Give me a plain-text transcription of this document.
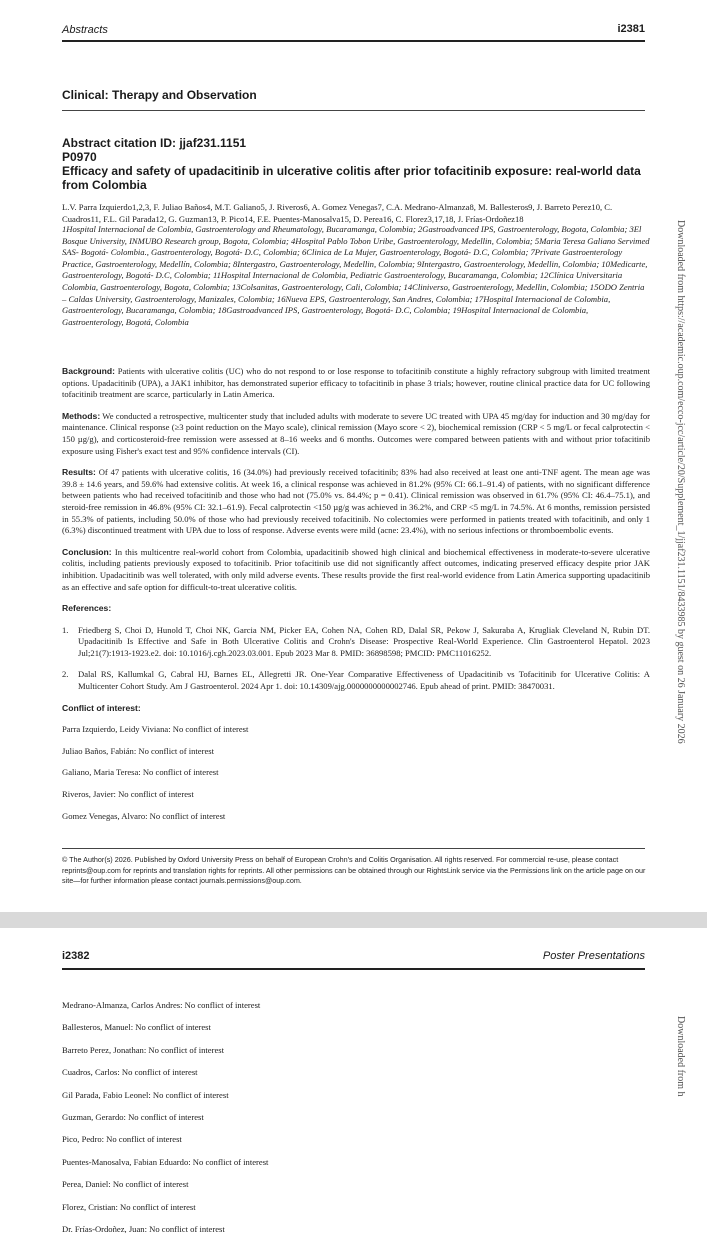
Abstracts	i2381
Clinical: Therapy and Observation
Abstract citation ID: jjaf231.1151
P0970
Efficacy and safety of upadacitinib in ulcerative colitis after prior tofacitinib exposure: real-world data from Colombia
L.V. Parra Izquierdo1,2,3, F. Juliao Baños4, M.T. Galiano5, J. Riveros6, A. Gomez Venegas7, C.A. Medrano-Almanza8, M. Ballesteros9, J. Barreto Perez10, C. Cuadros11, F.L. Gil Parada12, G. Guzman13, P. Pico14, F.E. Puentes-Manosalva15, D. Perea16, C. Florez3,17,18, J. Frías-Ordoñez18
1Hospital Internacional de Colombia, Gastroenterology and Rheumatology, Bucaramanga, Colombia; 2Gastroadvanced IPS, Gastroenterology, Bogota, Colombia; 3El Bosque University, INMUBO Research group, Bogota, Colombia; 4Hospital Pablo Tobon Uribe, Gastroenterology, Medellin, Colombia; 5Maria Teresa Galiano Servimed SAS- Bogotá- Colombia., Gastroenterology, Bogotá- D.C, Colombia; 6Clinica de La Mujer, Gastroenterology, Bogotá- D.C, Colombia; 7Private Gastroenterology Practice, Gastroenterology, Medellín, Colombia; 8Intergastro, Gastroenterology, Medellin, Colombia; 9Intergastro, Gastroenterology, Medellin, Colombia; 10Medicarte, Gastroenterology, Bogotá- D.C, Colombia; 11Hospital Internacional de Colombia, Pediatric Gastroenterology, Bucaramanga, Colombia; 12Clínica Universitaria Colombia, Gastroenterology, Bogota, Colombia; 13Colsanitas, Gastroenterology, Cali, Colombia; 14Cliniverso, Gastroenterology, Medellin, Colombia; 15ODO Zentria – Caldas University, Gastroenterology, Manizales, Colombia; 16Nueva EPS, Gastroenterology, San Andres, Colombia; 17Hospital Internacional de Colombia, Gastroenterology, Bucaramanga, Colombia; 18Gastroadvanced IPS, Gastroenterology, Bogotá- D.C, Colombia; 19Hospital Internacional de Colombia, Gastroenterology, Bogotá, Colombia

Background: Patients with ulcerative colitis (UC) who do not respond to or lose response to tofacitinib constitute a highly refractory subgroup with limited treatment options. Upadacitinib (UPA), a JAK1 inhibitor, has demonstrated superior efficacy to tofacitinib in phase 3 trials; however, routine clinical practice data for UC following tofacitinib treatment are scarce, particularly in Latin America.

Methods: We conducted a retrospective, multicenter study that included adults with moderate to severe UC treated with UPA 45 mg/day for induction and 30 mg/day for maintenance. Clinical response (≥3 point reduction on the Mayo scale), clinical remission (Mayo score < 2), biochemical remission (CRP < 5 mg/L or fecal calprotectin < 150 µg/g), and corticosteroid-free remission were assessed at 8–16 weeks and 6 months. Outcomes were compared between patients with and without prior tofacitinib exposure using Fisher's exact test and 95% confidence intervals (CI).

Results: Of 47 patients with ulcerative colitis, 16 (34.0%) had previously received tofacitinib; 83% had also received at least one anti-TNF agent. The mean age was 39.8 ± 14.6 years, and 59.6% had extensive colitis. At week 16, a clinical response was achieved in 81.2% (95% CI: 66.1–91.4) of patients, with no significant difference between patients who had received tofacitinib and those who had not (75.0% vs. 84.4%; p = 0.41). Clinical remission was observed in 61.7% (95% CI: 46.4–75.1), and steroid-free remission in 46.8% (95% CI: 32.1–61.9). Fecal calprotectin <150 µg/g was achieved in 36.2%, and CRP <5 mg/L in 74.5%. At 6 months, remission persisted in 55.3% of patients, including 50.0% of those who had previously received tofacitinib. No colectomies were performed in patients treated with tofacitinib, and only 1 (6.3%) discontinued treatment with UPA due to loss of response. Adverse events were mild (acne: 23.4%), with no serious infections or thromboembolic events.

Conclusion: In this multicentre real-world cohort from Colombia, upadacitinib showed high clinical and biochemical effectiveness in moderate-to-severe ulcerative colitis, including patients previously exposed to tofacitinib. Prior tofacitinib use did not significantly affect outcomes, indicating preserved efficacy despite prior JAK inhibition. Upadacitinib was well tolerated, with only mild adverse events. These results provide the first real-world evidence from Latin America supporting upadacitinib as an effective and safe option for difficult-to-treat ulcerative colitis.

References:
1.	Friedberg S, Choi D, Hunold T, Choi NK, Garcia NM, Picker EA, Cohen NA, Cohen RD, Dalal SR, Pekow J, Sakuraba A, Krugliak Cleveland N, Rubin DT. Upadacitinib Is Effective and Safe in Both Ulcerative Colitis and Crohn's Disease: Prospective Real-World Experience. Clin Gastroenterol Hepatol. 2023 Jul;21(7):1913-1923.e2. doi: 10.1016/j.cgh.2023.03.001. Epub 2023 Mar 8. PMID: 36898598; PMCID: PMC11016252.
2.	Dalal RS, Kallumkal G, Cabral HJ, Barnes EL, Allegretti JR. One-Year Comparative Effectiveness of Upadacitinib vs Tofacitinib for Ulcerative Colitis: A Multicenter Cohort Study. Am J Gastroenterol. 2024 Apr 1. doi: 10.14309/ajg.0000000000002746. Epub ahead of print. PMID: 38470031.
Conflict of interest:
Parra Izquierdo, Leidy Viviana: No conflict of interest
Juliao Baños, Fabián: No conflict of interest
Galiano, Maria Teresa: No conflict of interest
Riveros, Javier: No conflict of interest
Gomez Venegas, Alvaro: No conflict of interest
© The Author(s) 2026. Published by Oxford University Press on behalf of European Crohn's and Colitis Organisation. All rights reserved. For commercial re-use, please contact reprints@oup.com for reprints and translation rights for reprints. All other permissions can be obtained through our RightsLink service via the Permissions link on the article page on our site—for further information please contact journals.permissions@oup.com.
Downloaded from https://academic.oup.com/ecco-jcc/article/20/Supplement_1/jjaf231.1151/8433985 by guest on 26 January 2026
i2382	Poster Presentations
Medrano-Almanza, Carlos Andres: No conflict of interest
Ballesteros, Manuel: No conflict of interest
Barreto Perez, Jonathan: No conflict of interest
Cuadros, Carlos: No conflict of interest
Gil Parada, Fabio Leonel: No conflict of interest
Guzman, Gerardo: No conflict of interest
Pico, Pedro: No conflict of interest
Puentes-Manosalva, Fabian Eduardo: No conflict of interest
Perea, Daniel: No conflict of interest
Florez, Cristian: No conflict of interest
Dr. Frías-Ordoñez, Juan: No conflict of interest
Downloaded from h
